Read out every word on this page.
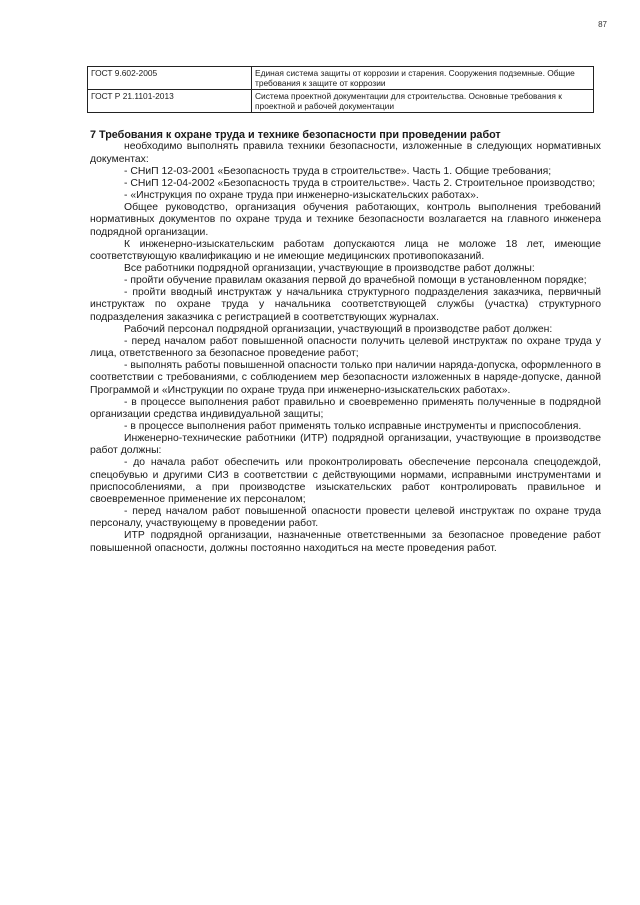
87
ГОСТ 9.602-2005	Единая система защиты от коррозии и старения. Сооружения подземные. Общие требования к защите от коррозии
ГОСТ Р 21.1101-2013	Система проектной документации для строительства. Основные требования к проектной и рабочей документации
7 Требования к охране труда и технике безопасности при проведении работ

необходимо выполнять правила техники безопасности, изложенные в следующих нормативных документах:

- СНиП 12-03-2001 «Безопасность труда в строительстве». Часть 1. Общие требования;

- СНиП 12-04-2002 «Безопасность труда в строительстве». Часть 2. Строительное производство;

- «Инструкция по охране труда при инженерно-изыскательских работах».

Общее руководство, организация обучения работающих, контроль выполнения требований нормативных документов по охране труда и технике безопасности возлагается на главного инженера подрядной организации.

К инженерно-изыскательским работам допускаются лица не моложе 18 лет, имеющие соответствующую квалификацию и не имеющие медицинских противопоказаний.

Все работники подрядной организации, участвующие в производстве работ должны:

- пройти обучение правилам оказания первой до врачебной помощи в установленном порядке;

- пройти вводный инструктаж у начальника структурного подразделения заказчика, первичный инструктаж по охране труда у начальника соответствующей службы (участка) структурного подразделения заказчика с регистрацией в соответствующих журналах.

Рабочий персонал подрядной организации, участвующий в производстве работ должен:

- перед началом работ повышенной опасности получить целевой инструктаж по охране труда у лица, ответственного за безопасное проведение работ;

- выполнять работы повышенной опасности только при наличии наряда-допуска, оформленного в соответствии с требованиями, с соблюдением мер безопасности изложенных в наряде-допуске, данной Программой и «Инструкции по охране труда при инженерно-изыскательских работах».

- в процессе выполнения работ правильно и своевременно применять полученные в подрядной организации средства индивидуальной защиты;

- в процессе выполнения работ применять только исправные инструменты и приспособления.

Инженерно-технические работники (ИТР) подрядной организации, участвующие в производстве работ должны:

- до начала работ обеспечить или проконтролировать обеспечение персонала спецодеждой, спецобувью и другими СИЗ в соответствии с действующими нормами, исправными инструментами и приспособлениями, а при производстве изыскательских работ контролировать правильное и своевременное применение их персоналом;

- перед началом работ повышенной опасности провести целевой инструктаж по охране труда персоналу, участвующему в проведении работ.

ИТР подрядной организации, назначенные ответственными за безопасное проведение работ повышенной опасности, должны постоянно находиться на месте проведения работ.
